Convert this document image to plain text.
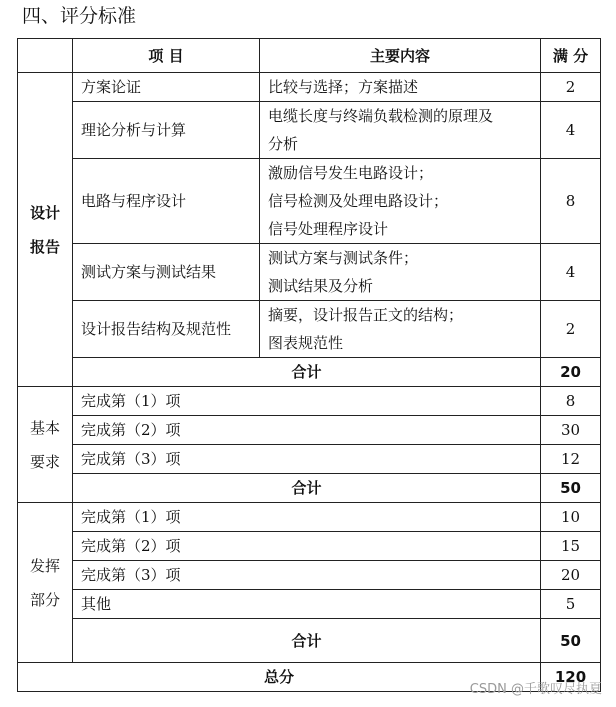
四、评分标准
	项 目	主要内容	满 分

设计
报告	方案论证	比较与选择；方案描述	2
	理论分析与计算	电缆长度与终端负载检测的原理及
分析	4
	电路与程序设计	激励信号发生电路设计；
信号检测及处理电路设计；
信号处理程序设计	8
	测试方案与测试结果	测试方案与测试条件；
测试结果及分析	4
	设计报告结构及规范性	摘要，设计报告正文的结构；
图表规范性	2
	合计		20

基本
要求	完成第（1）项		8
	完成第（2）项		30
	完成第（3）项		12
	合计		50

发挥
部分	完成第（1）项		10
	完成第（2）项		15
	完成第（3）项		20
	其他		5
	合计		50
总分			120
CSDN @千歌叹尽执夏
